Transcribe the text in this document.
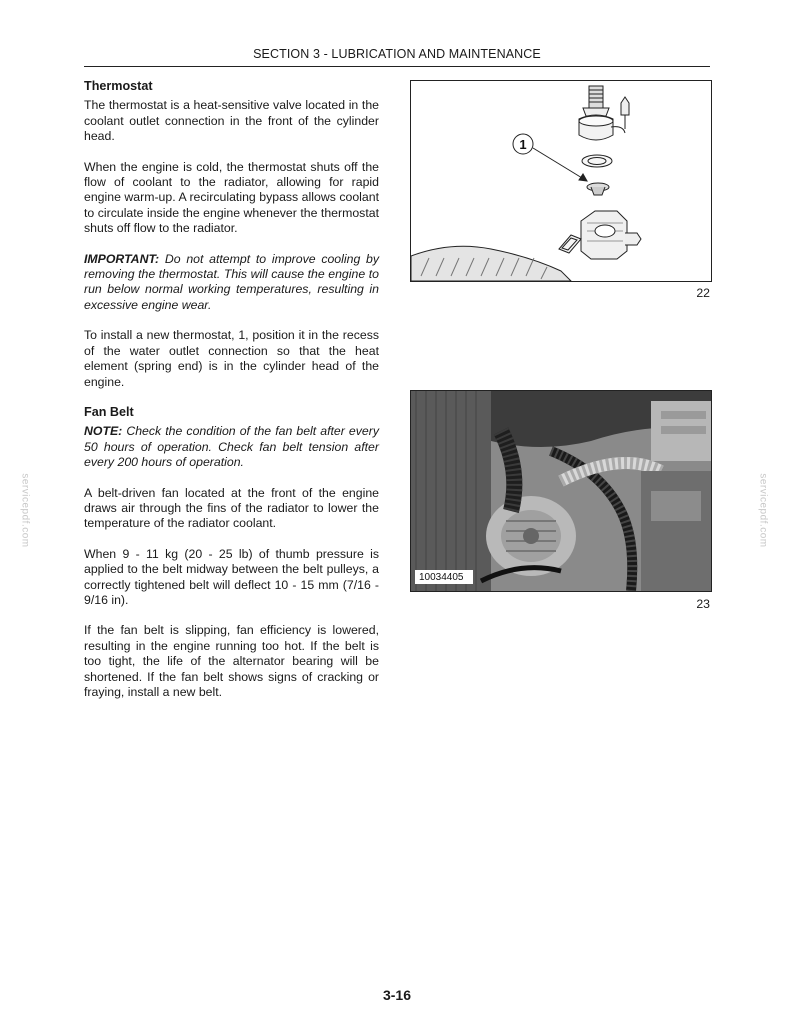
SECTION 3 - LUBRICATION AND MAINTENANCE
servicepdf.com	servicepdf.com
Thermostat

The thermostat is a heat-sensitive valve located in the coolant outlet connection in the front of the cylinder head.

When the engine is cold, the thermostat shuts off the flow of coolant to the radiator, allowing for rapid engine warm-up. A recirculating bypass allows coolant to circulate inside the engine whenever the thermostat shuts off flow to the radiator.

IMPORTANT: Do not attempt to improve cooling by removing the thermostat. This will cause the engine to run below normal working temperatures, resulting in excessive engine wear.

To install a new thermostat, 1, position it in the recess of the water outlet connection so that the heat element (spring end) is in the cylinder head of the engine.

Fan Belt

NOTE: Check the condition of the fan belt after every 50 hours of operation. Check fan belt tension after every 200 hours of operation.

A belt-driven fan located at the front of the engine draws air through the fins of the radiator to lower the temperature of the radiator coolant.

When 9 - 11 kg (20 - 25 lb) of thumb pressure is applied to the belt midway between the belt pulleys, a correctly tightened belt will deflect 10 - 15 mm (7/16 - 9/16 in).

If the fan belt is slipping, fan efficiency is lowered, resulting in the engine running too hot. If the belt is too tight, the life of the alternator bearing will be shortened. If the fan belt shows signs of cracking or fraying, install a new belt.

1
22
10034405
23
3-16
